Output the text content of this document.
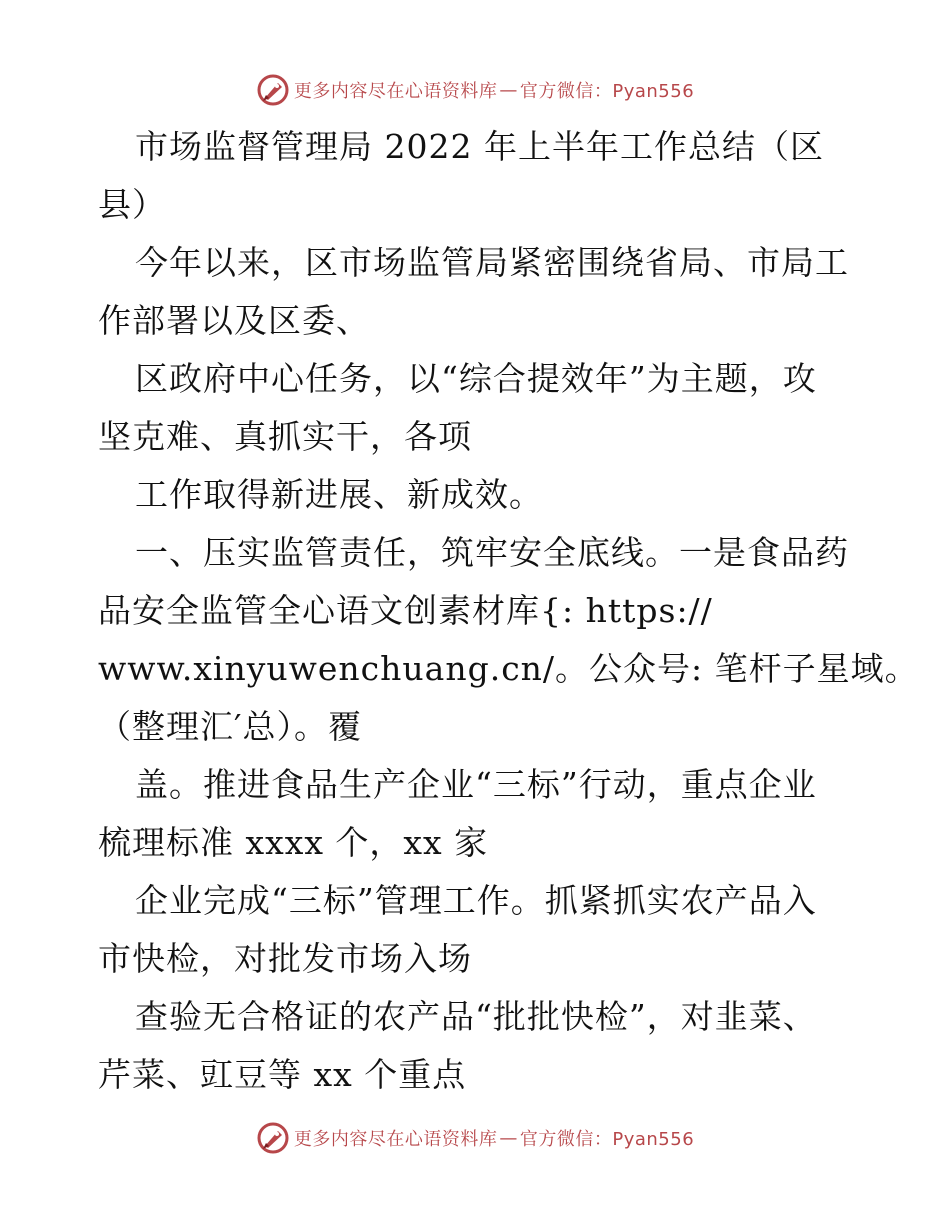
更多内容尽在心语资料库 — 官方微信：Pyan556
市场监督管理局 2022 年上半年工作总结（区
县）
今年以来，区市场监管局紧密围绕省局、市局工
作部署以及区委、
区政府中心任务，以“综合提效年”为主题，攻
坚克难、真抓实干，各项
工作取得新进展、新成效。
一、压实监管责任，筑牢安全底线。一是食品药
品安全监管全心语文创素材库{: https://
www.xinyuwenchuang.cn/。公众号: 笔杆子星域。
（整理汇′总）。覆
盖。推进食品生产企业“三标”行动，重点企业
梳理标准 xxxx 个，xx 家
企业完成“三标”管理工作。抓紧抓实农产品入
市快检，对批发市场入场
查验无合格证的农产品“批批快检”，对韭菜、
芹菜、豇豆等 xx 个重点
更多内容尽在心语资料库 — 官方微信：Pyan556
